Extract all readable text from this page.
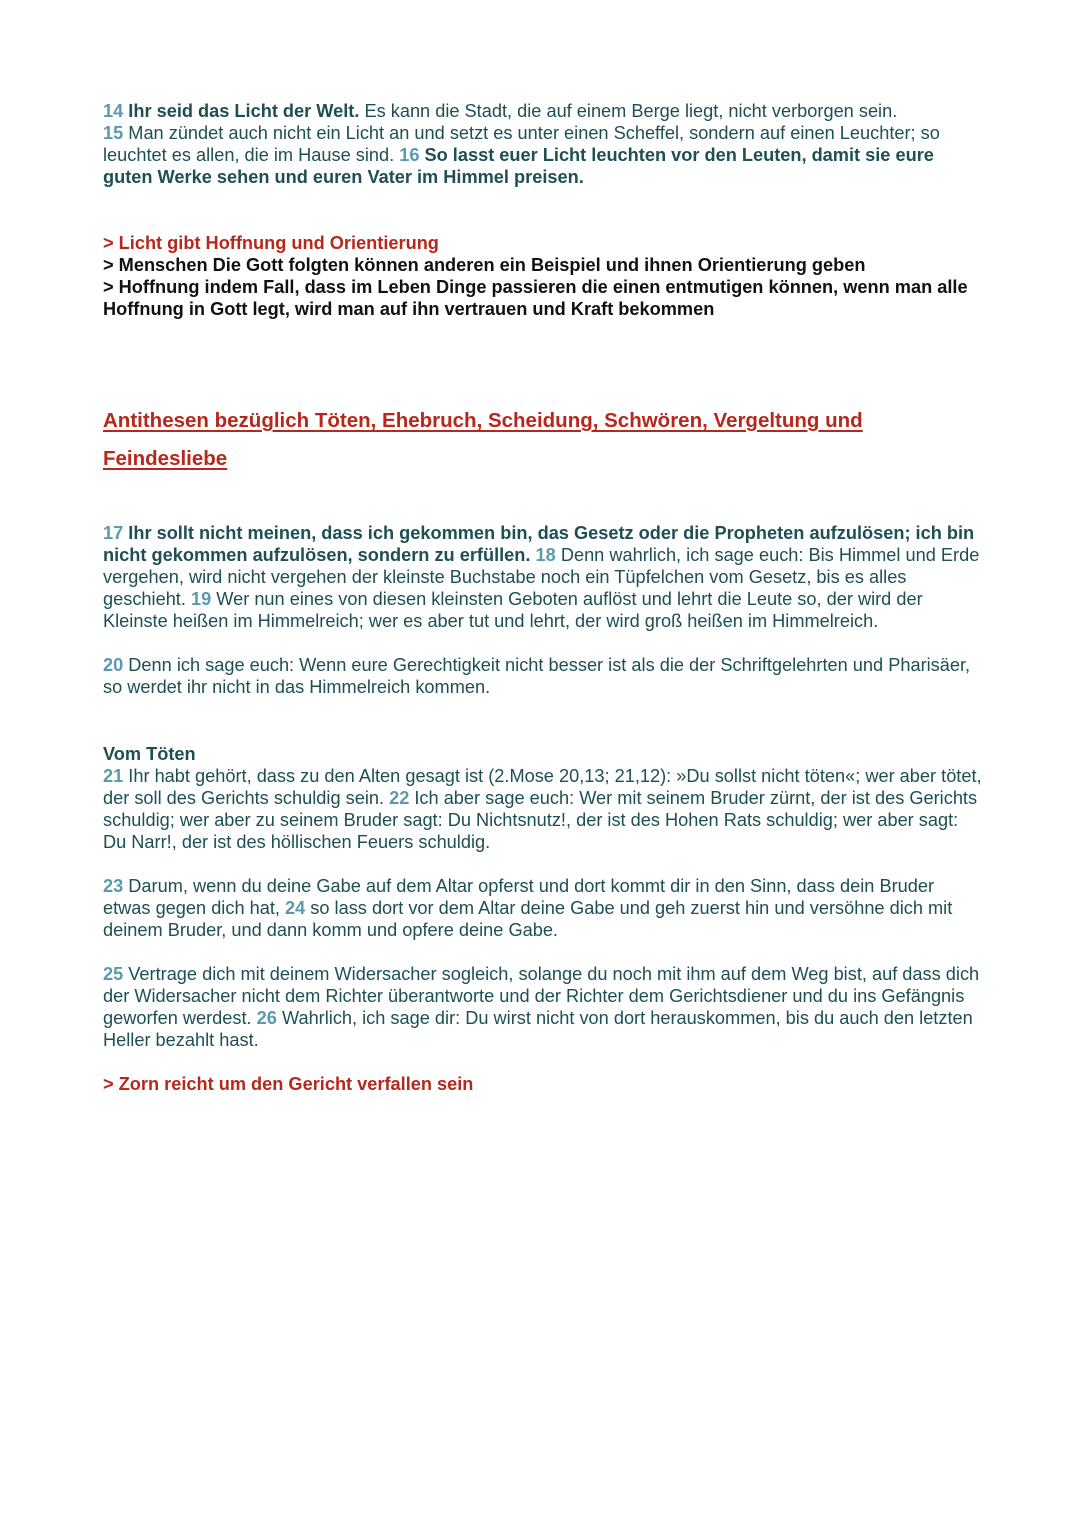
14 Ihr seid das Licht der Welt. Es kann die Stadt, die auf einem Berge liegt, nicht verborgen sein.
15 Man zündet auch nicht ein Licht an und setzt es unter einen Scheffel, sondern auf einen Leuchter; so leuchtet es allen, die im Hause sind. 16 So lasst euer Licht leuchten vor den Leuten, damit sie eure guten Werke sehen und euren Vater im Himmel preisen.

> Licht gibt Hoffnung und Orientierung

> Menschen Die Gott folgten können anderen ein Beispiel und ihnen Orientierung geben

> Hoffnung indem Fall, dass im Leben Dinge passieren die einen entmutigen können, wenn man alle Hoffnung in Gott legt, wird man auf ihn vertrauen und Kraft bekommen

Antithesen bezüglich Töten, Ehebruch, Scheidung, Schwören, Vergeltung und
Feindesliebe

17 Ihr sollt nicht meinen, dass ich gekommen bin, das Gesetz oder die Propheten aufzulösen; ich bin nicht gekommen aufzulösen, sondern zu erfüllen. 18 Denn wahrlich, ich sage euch: Bis Himmel und Erde vergehen, wird nicht vergehen der kleinste Buchstabe noch ein Tüpfelchen vom Gesetz, bis es alles geschieht. 19 Wer nun eines von diesen kleinsten Geboten auflöst und lehrt die Leute so, der wird der Kleinste heißen im Himmelreich; wer es aber tut und lehrt, der wird groß heißen im Himmelreich.

20 Denn ich sage euch: Wenn eure Gerechtigkeit nicht besser ist als die der Schriftgelehrten und Pharisäer, so werdet ihr nicht in das Himmelreich kommen.

Vom Töten

21 Ihr habt gehört, dass zu den Alten gesagt ist (2.Mose 20,13; 21,12): »Du sollst nicht töten«; wer aber tötet, der soll des Gerichts schuldig sein. 22 Ich aber sage euch: Wer mit seinem Bruder zürnt, der ist des Gerichts schuldig; wer aber zu seinem Bruder sagt: Du Nichtsnutz!, der ist des Hohen Rats schuldig; wer aber sagt: Du Narr!, der ist des höllischen Feuers schuldig.

23 Darum, wenn du deine Gabe auf dem Altar opferst und dort kommt dir in den Sinn, dass dein Bruder etwas gegen dich hat, 24 so lass dort vor dem Altar deine Gabe und geh zuerst hin und versöhne dich mit deinem Bruder, und dann komm und opfere deine Gabe.

25 Vertrage dich mit deinem Widersacher sogleich, solange du noch mit ihm auf dem Weg bist, auf dass dich der Widersacher nicht dem Richter überantworte und der Richter dem Gerichtsdiener und du ins Gefängnis geworfen werdest. 26 Wahrlich, ich sage dir: Du wirst nicht von dort herauskommen, bis du auch den letzten Heller bezahlt hast.

> Zorn reicht um den Gericht verfallen sein
